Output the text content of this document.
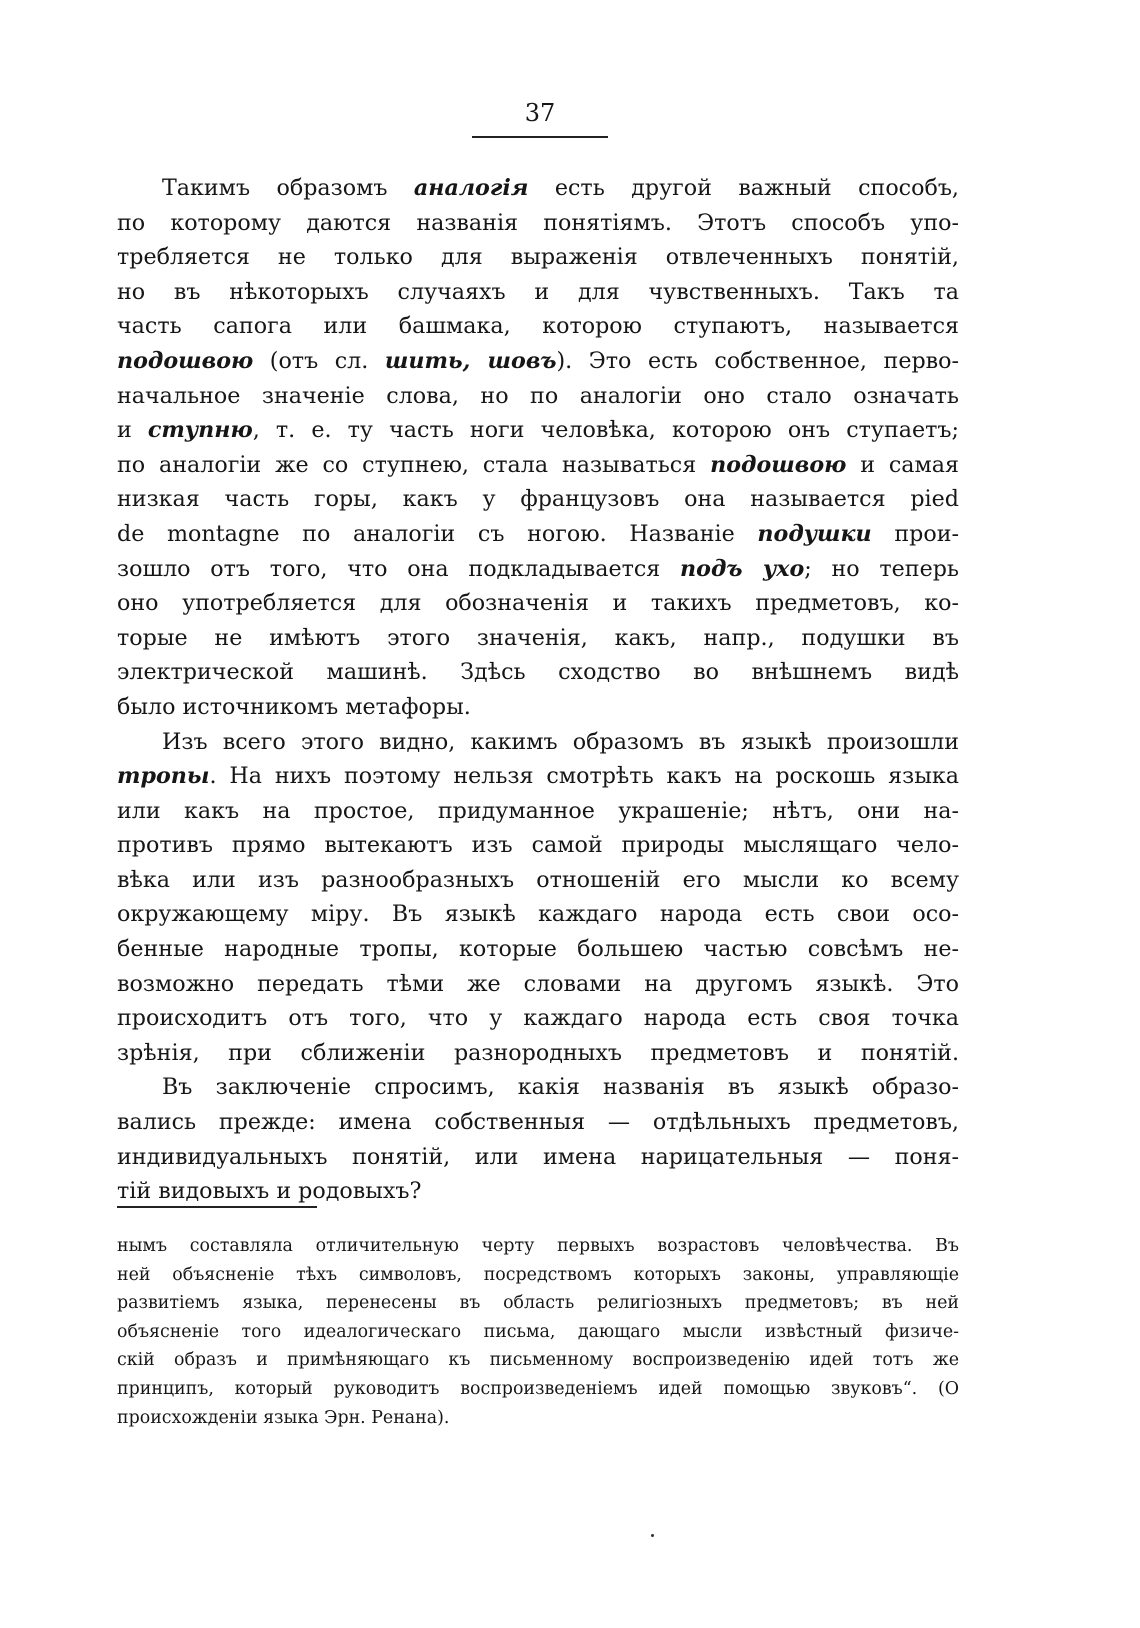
37
Такимъ образомъ аналогія есть другой важный способъ,
по которому даются названія понятіямъ. Этотъ способъ упо-
требляется не только для выраженія отвлеченныхъ понятій,
но въ нѣкоторыхъ случаяхъ и для чувственныхъ. Такъ та
часть сапога или башмака, которою ступаютъ, называется
подошвою (отъ сл. шить, шовъ). Это есть собственное, перво-
начальное значеніе слова, но по аналогіи оно стало означать
и ступню, т. е. ту часть ноги человѣка, которою онъ ступаетъ;
по аналогіи же со ступнею, стала называться подошвою и самая
низкая часть горы, какъ у французовъ она называется pied
de montagne по аналогіи съ ногою. Названіе подушки прои-
зошло отъ того, что она подкладывается подъ ухо; но теперь
оно употребляется для обозначенія и такихъ предметовъ, ко-
торые не имѣютъ этого значенія, какъ, напр., подушки въ
электрической машинѣ. Здѣсь сходство во внѣшнемъ видѣ
было источникомъ метафоры.
Изъ всего этого видно, какимъ образомъ въ языкѣ произошли
тропы. На нихъ поэтому нельзя смотрѣть какъ на роскошь языка
или какъ на простое, придуманное украшеніе; нѣтъ, они на-
противъ прямо вытекаютъ изъ самой природы мыслящаго чело-
вѣка или изъ разнообразныхъ отношеній его мысли ко всему
окружающему міру. Въ языкѣ каждаго народа есть свои осо-
бенные народные тропы, которые большею частью совсѣмъ не-
возможно передать тѣми же словами на другомъ языкѣ. Это
происходитъ отъ того, что у каждаго народа есть своя точка
зрѣнія, при сближеніи разнородныхъ предметовъ и понятій.
Въ заключеніе спросимъ, какія названія въ языкѣ образо-
вались прежде: имена собственныя — отдѣльныхъ предметовъ,
индивидуальныхъ понятій, или имена нарицательныя — поня-
тій видовыхъ и родовыхъ?
нымъ составляла отличительную черту первыхъ возрастовъ человѣчества. Въ
ней объясненіе тѣхъ символовъ, посредствомъ которыхъ законы, управляющіе
развитіемъ языка, перенесены въ область религіозныхъ предметовъ; въ ней
объясненіе того идеалогическаго письма, дающаго мысли извѣстный физиче-
скій образъ и примѣняющаго къ письменному воспроизведенію идей тотъ же
принципъ, который руководитъ воспроизведеніемъ идей помощью звуковъ“. (О
происхожденіи языка Эрн. Ренана).
